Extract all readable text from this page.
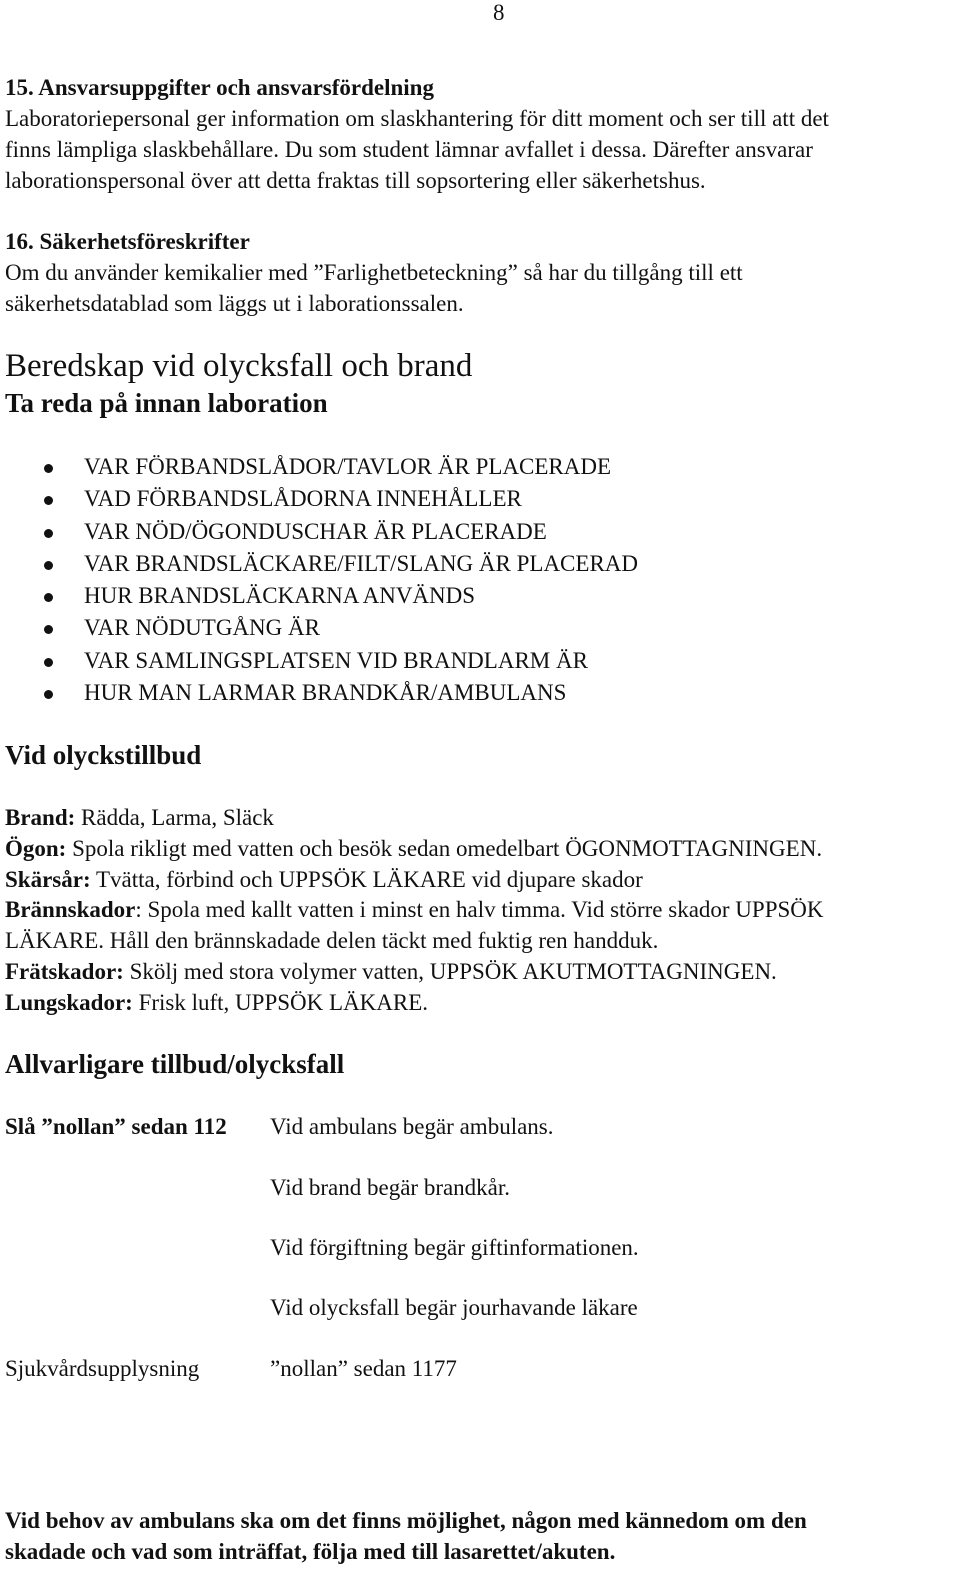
8
15. Ansvarsuppgifter och ansvarsfördelning
Laboratoriepersonal ger information om slaskhantering för ditt moment och ser till att det
finns lämpliga slaskbehållare. Du som student lämnar avfallet i dessa. Därefter ansvarar
laborationspersonal över att detta fraktas till sopsortering eller säkerhetshus.
16. Säkerhetsföreskrifter
Om du använder kemikalier med ”Farlighetbeteckning” så har du tillgång till ett
säkerhetsdatablad som läggs ut i laborationssalen.
Beredskap vid olycksfall och brand
Ta reda på innan laboration
VAR FÖRBANDSLÅDOR/TAVLOR ÄR PLACERADE
VAD FÖRBANDSLÅDORNA INNEHÅLLER
VAR NÖD/ÖGONDUSCHAR ÄR PLACERADE
VAR BRANDSLÄCKARE/FILT/SLANG ÄR PLACERAD
HUR BRANDSLÄCKARNA ANVÄNDS
VAR NÖDUTGÅNG ÄR
VAR SAMLINGSPLATSEN VID BRANDLARM ÄR
HUR MAN LARMAR BRANDKÅR/AMBULANS
Vid olyckstillbud
Brand: Rädda, Larma, Släck
Ögon: Spola rikligt med vatten och besök sedan omedelbart ÖGONMOTTAGNINGEN.
Skärsår: Tvätta, förbind och UPPSÖK LÄKARE vid djupare skador
Brännskador: Spola med kallt vatten i minst en halv timma. Vid större skador UPPSÖK
LÄKARE. Håll den brännskadade delen täckt med fuktig ren handduk.
Frätskador: Skölj med stora volymer vatten, UPPSÖK AKUTMOTTAGNINGEN.
Lungskador: Frisk luft, UPPSÖK LÄKARE.
Allvarligare tillbud/olycksfall
Slå ”nollan” sedan 112 Vid ambulans begär ambulans.
Vid brand begär brandkår.
Vid förgiftning begär giftinformationen.
Vid olycksfall begär jourhavande läkare
Sjukvårdsupplysning	”nollan” sedan 1177
Vid behov av ambulans ska om det finns möjlighet, någon med kännedom om den
skadade och vad som inträffat, följa med till lasarettet/akuten.
